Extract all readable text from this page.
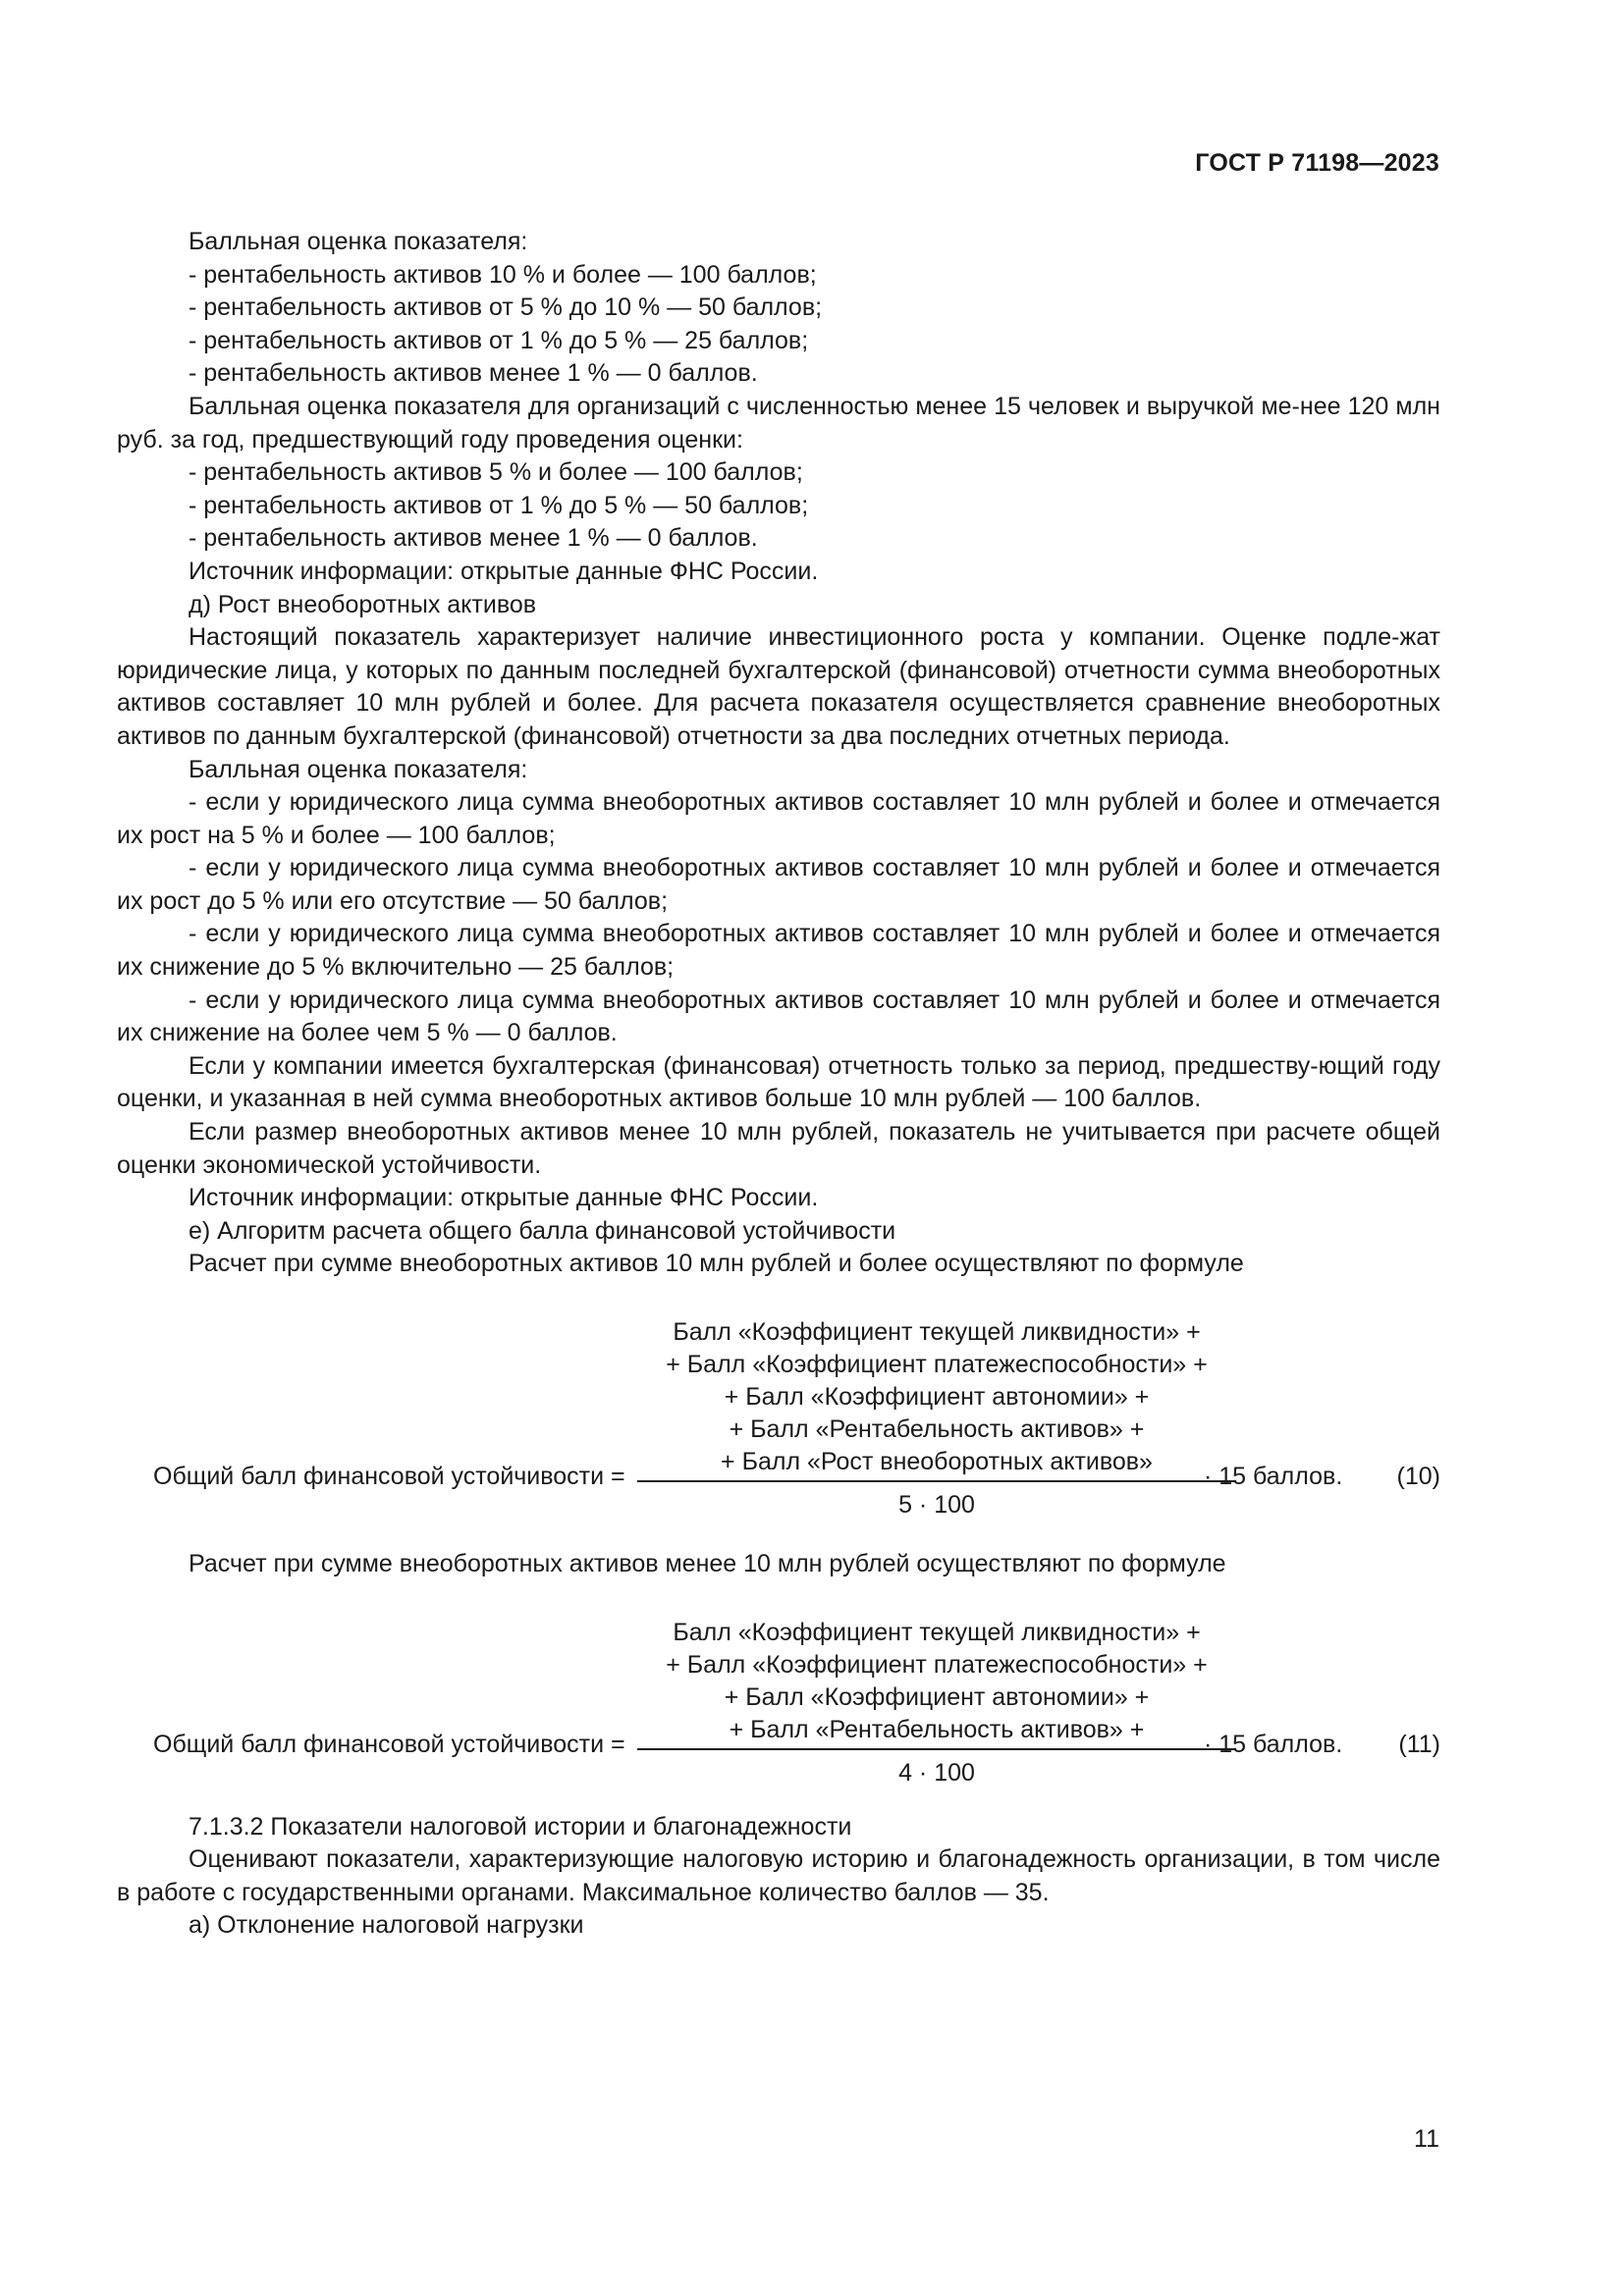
ГОСТ Р 71198—2023

Балльная оценка показателя:

- рентабельность активов 10 % и более — 100 баллов;

- рентабельность активов от 5 % до 10 % — 50 баллов;

- рентабельность активов от 1 % до 5 % — 25 баллов;

- рентабельность активов менее 1 % — 0 баллов.

Балльная оценка показателя для организаций с численностью менее 15 человек и выручкой ме-нее 120 млн руб. за год, предшествующий году проведения оценки:

- рентабельность активов 5 % и более — 100 баллов;

- рентабельность активов от 1 % до 5 % — 50 баллов;

- рентабельность активов менее 1 % — 0 баллов.

Источник информации: открытые данные ФНС России.

д) Рост внеоборотных активов

Настоящий показатель характеризует наличие инвестиционного роста у компании. Оценке подле-жат юридические лица, у которых по данным последней бухгалтерской (финансовой) отчетности сумма внеоборотных активов составляет 10 млн рублей и более. Для расчета показателя осуществляется сравнение внеоборотных активов по данным бухгалтерской (финансовой) отчетности за два последних отчетных периода.

Балльная оценка показателя:

- если у юридического лица сумма внеоборотных активов составляет 10 млн рублей и более и отмечается их рост на 5 % и более — 100 баллов;

- если у юридического лица сумма внеоборотных активов составляет 10 млн рублей и более и отмечается их рост до 5 % или его отсутствие — 50 баллов;

- если у юридического лица сумма внеоборотных активов составляет 10 млн рублей и более и отмечается их снижение до 5 % включительно — 25 баллов;

- если у юридического лица сумма внеоборотных активов составляет 10 млн рублей и более и отмечается их снижение на более чем 5 % — 0 баллов.

Если у компании имеется бухгалтерская (финансовая) отчетность только за период, предшеству-ющий году оценки, и указанная в ней сумма внеоборотных активов больше 10 млн рублей — 100 баллов.

Если размер внеоборотных активов менее 10 млн рублей, показатель не учитывается при расчете общей оценки экономической устойчивости.

Источник информации: открытые данные ФНС России.

е) Алгоритм расчета общего балла финансовой устойчивости

Расчет при сумме внеоборотных активов 10 млн рублей и более осуществляют по формуле

Балл «Коэффициент текущей ликвидности» +
+ Балл «Коэффициент платежеспособности» +
+ Балл «Коэффициент автономии» +
+ Балл «Рентабельность активов» +
+ Балл «Рост внеоборотных активов»
Общий балл финансовой устойчивости =	· 15 баллов. (10)
5 · 100

Расчет при сумме внеоборотных активов менее 10 млн рублей осуществляют по формуле

Балл «Коэффициент текущей ликвидности» +
+ Балл «Коэффициент платежеспособности» +
+ Балл «Коэффициент автономии» +
+ Балл «Рентабельность активов» +
Общий балл финансовой устойчивости =	· 15 баллов. (11)
4 · 100

7.1.3.2 Показатели налоговой истории и благонадежности

Оценивают показатели, характеризующие налоговую историю и благонадежность организации, в том числе в работе с государственными органами. Максимальное количество баллов — 35.

а) Отклонение налоговой нагрузки

11
